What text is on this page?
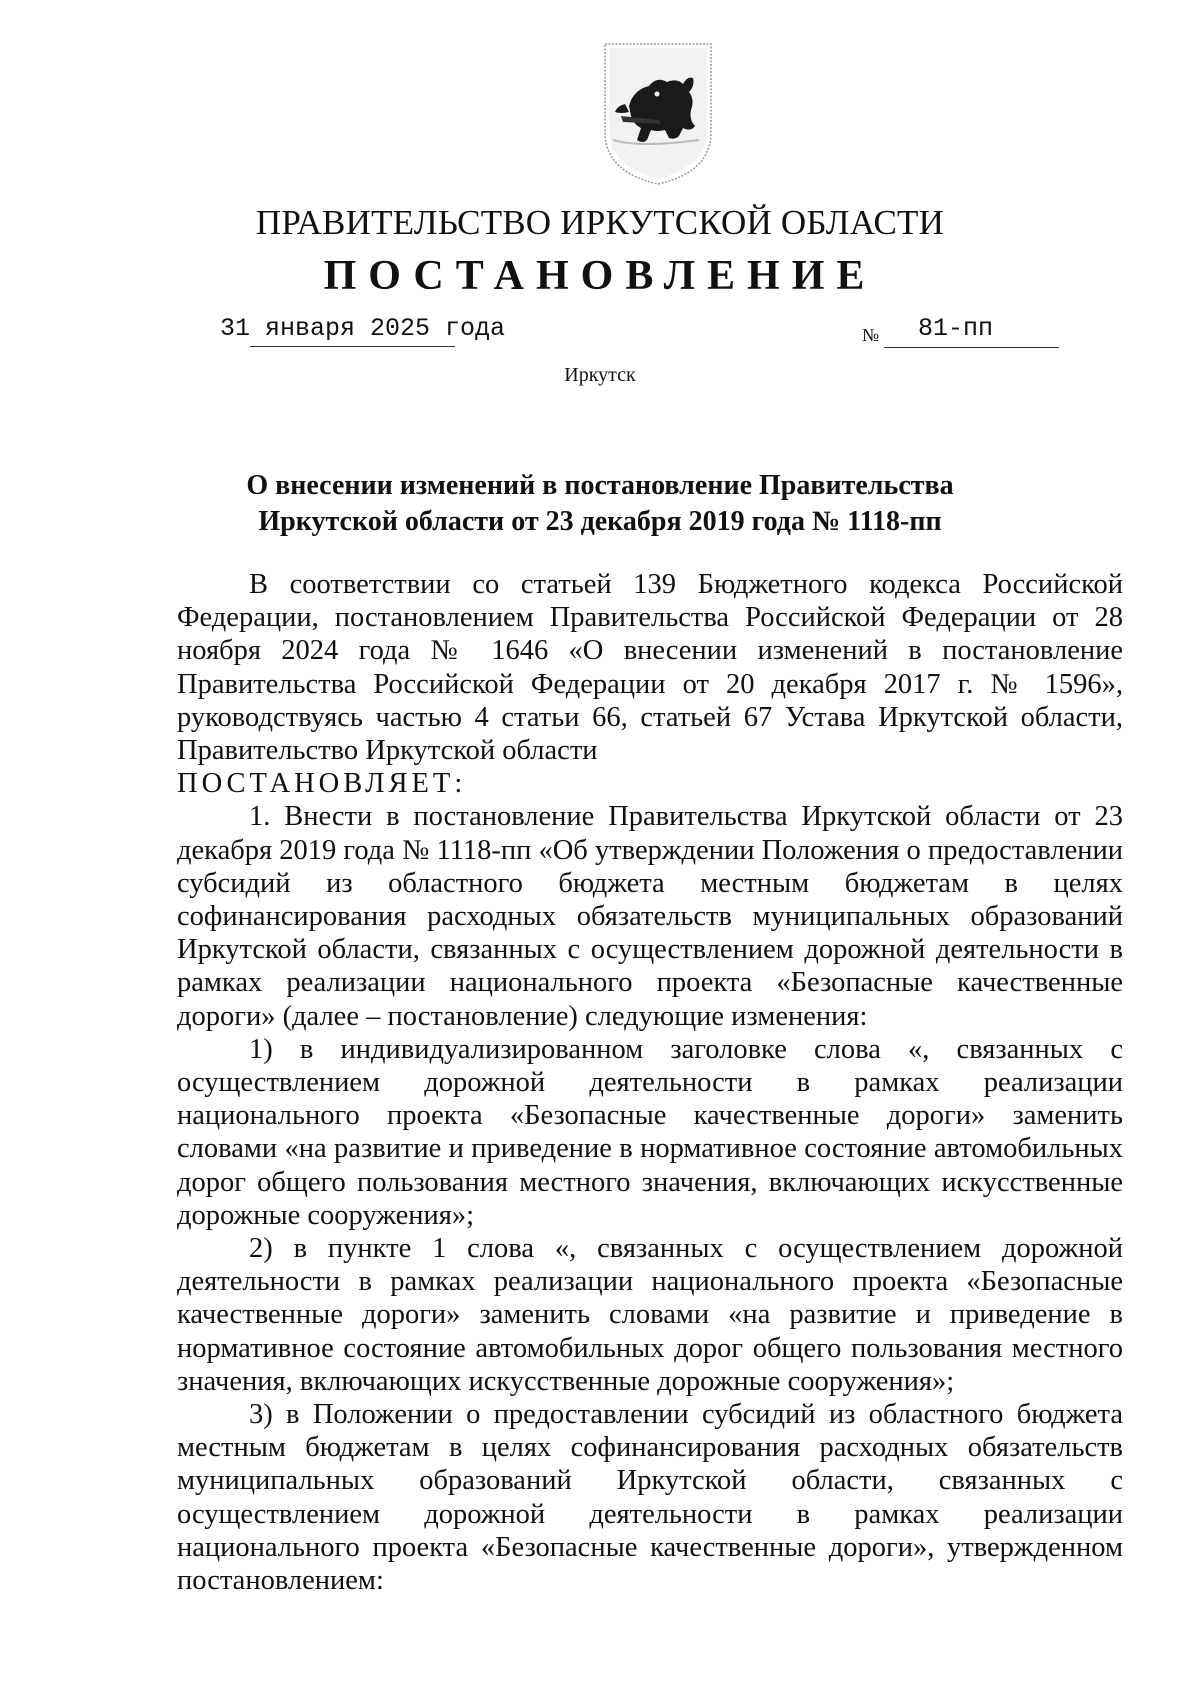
ПРАВИТЕЛЬСТВО ИРКУТСКОЙ ОБЛАСТИ
ПОСТАНОВЛЕНИЕ
31 января 2025 года	№ 81-пп
Иркутск
О внесении изменений в постановление Правительства
Иркутской области от 23 декабря 2019 года № 1118-пп

В соответствии со статьей 139 Бюджетного кодекса Российской Федерации, постановлением Правительства Российской Федерации от 28 ноября 2024 года № 1646 «О внесении изменений в постановление Правительства Российской Федерации от 20 декабря 2017 г. № 1596», руководствуясь частью 4 статьи 66, статьей 67 Устава Иркутской области, Правительство Иркутской области

ПОСТАНОВЛЯЕТ:

1. Внести в постановление Правительства Иркутской области от 23 декабря 2019 года № 1118-пп «Об утверждении Положения о предоставлении субсидий из областного бюджета местным бюджетам в целях софинансирования расходных обязательств муниципальных образований Иркутской области, связанных с осуществлением дорожной деятельности в рамках реализации национального проекта «Безопасные качественные дороги» (далее – постановление) следующие изменения:

1) в индивидуализированном заголовке слова «, связанных с осуществлением дорожной деятельности в рамках реализации национального проекта «Безопасные качественные дороги» заменить словами «на развитие и приведение в нормативное состояние автомобильных дорог общего пользования местного значения, включающих искусственные дорожные сооружения»;

2) в пункте 1 слова «, связанных с осуществлением дорожной деятельности в рамках реализации национального проекта «Безопасные качественные дороги» заменить словами «на развитие и приведение в нормативное состояние автомобильных дорог общего пользования местного значения, включающих искусственные дорожные сооружения»;

3) в Положении о предоставлении субсидий из областного бюджета местным бюджетам в целях софинансирования расходных обязательств муниципальных образований Иркутской области, связанных с осуществлением дорожной деятельности в рамках реализации национального проекта «Безопасные качественные дороги», утвержденном постановлением:
